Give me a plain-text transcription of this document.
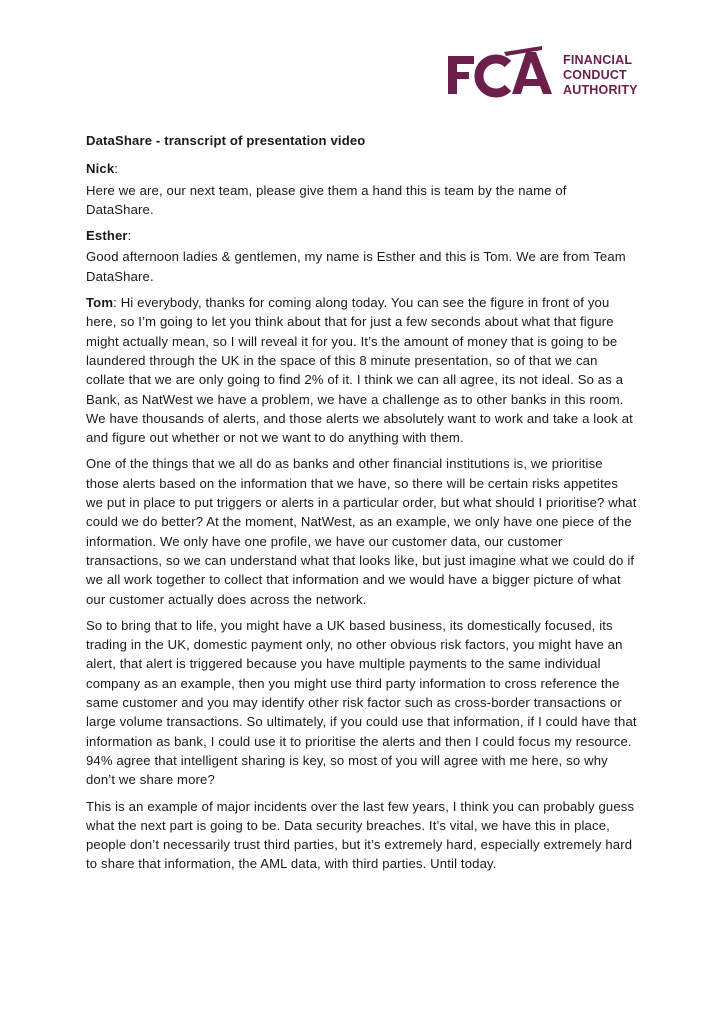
FINANCIAL
CONDUCT
AUTHORITY

DataShare - transcript of presentation video

Nick:

Here we are, our next team, please give them a hand this is team by the name of DataShare.

Esther:

Good afternoon ladies & gentlemen, my name is Esther and this is Tom. We are from Team DataShare.

Tom: Hi everybody, thanks for coming along today. You can see the figure in front of you here, so I’m going to let you think about that for just a few seconds about what that figure might actually mean, so I will reveal it for you. It’s the amount of money that is going to be laundered through the UK in the space of this 8 minute presentation, so of that we can collate that we are only going to find 2% of it. I think we can all agree, its not ideal. So as a Bank, as NatWest we have a problem, we have a challenge as to other banks in this room. We have thousands of alerts, and those alerts we absolutely want to work and take a look at and figure out whether or not we want to do anything with them.

One of the things that we all do as banks and other financial institutions is, we prioritise those alerts based on the information that we have, so there will be certain risks appetites we put in place to put triggers or alerts in a particular order, but what should I prioritise? what could we do better? At the moment, NatWest, as an example, we only have one piece of the information. We only have one profile, we have our customer data, our customer transactions, so we can understand what that looks like, but just imagine what we could do if we all work together to collect that information and we would have a bigger picture of what our customer actually does across the network.

So to bring that to life, you might have a UK based business, its domestically focused, its trading in the UK, domestic payment only, no other obvious risk factors, you might have an alert, that alert is triggered because you have multiple payments to the same individual company as an example, then you might use third party information to cross reference the same customer and you may identify other risk factor such as cross-border transactions or large volume transactions. So ultimately, if you could use that information, if I could have that information as bank, I could use it to prioritise the alerts and then I could focus my resource. 94% agree that intelligent sharing is key, so most of you will agree with me here, so why don’t we share more?

This is an example of major incidents over the last few years, I think you can probably guess what the next part is going to be. Data security breaches. It’s vital, we have this in place, people don’t necessarily trust third parties, but it’s extremely hard, especially extremely hard to share that information, the AML data, with third parties. Until today.
